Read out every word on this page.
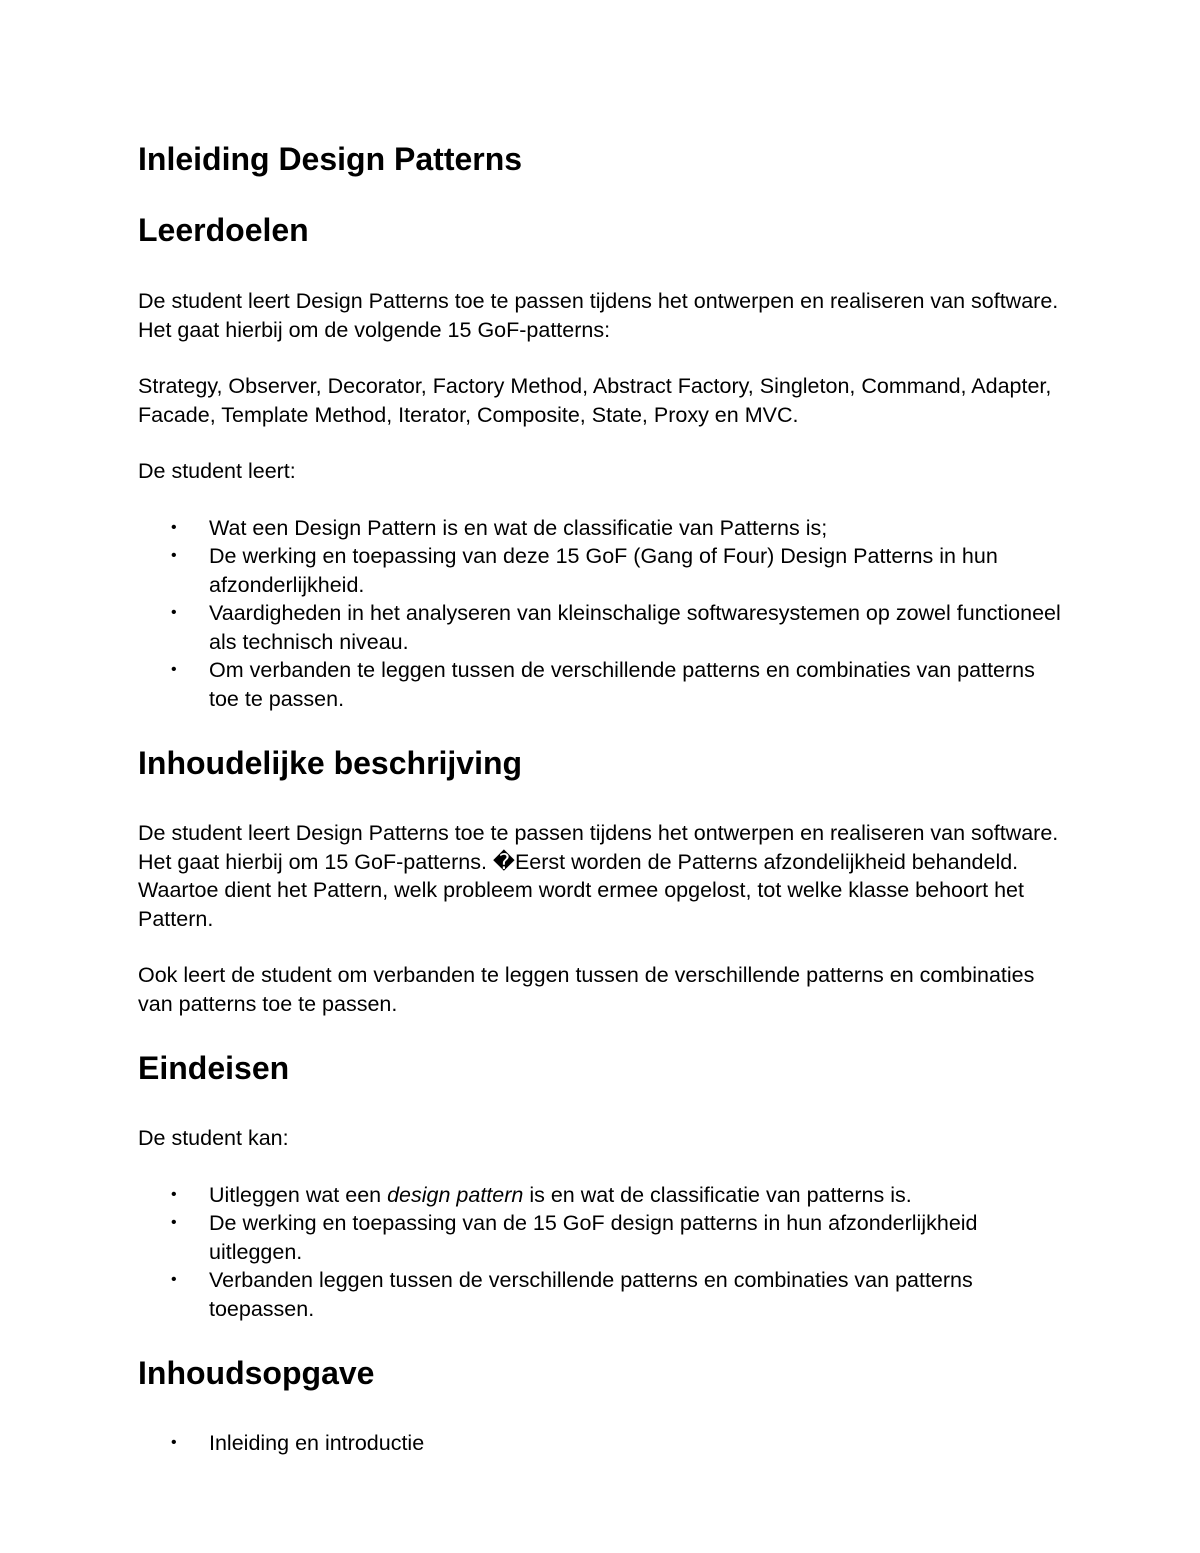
Inleiding Design Patterns
Leerdoelen

De student leert Design Patterns toe te passen tijdens het ontwerpen en realiseren van software. Het gaat hierbij om de volgende 15 GoF-patterns:

Strategy, Observer, Decorator, Factory Method, Abstract Factory, Singleton, Command, Adapter, Facade, Template Method, Iterator, Composite, State, Proxy en MVC.

De student leert:

• Wat een Design Pattern is en wat de classificatie van Patterns is;
• De werking en toepassing van deze 15 GoF (Gang of Four) Design Patterns in hun afzonderlijkheid.
• Vaardigheden in het analyseren van kleinschalige softwaresystemen op zowel functioneel als technisch niveau.
• Om verbanden te leggen tussen de verschillende patterns en combinaties van patterns toe te passen.
Inhoudelijke beschrijving

De student leert Design Patterns toe te passen tijdens het ontwerpen en realiseren van software. Het gaat hierbij om 15 GoF-patterns. �Eerst worden de Patterns afzondelijkheid behandeld. Waartoe dient het Pattern, welk probleem wordt ermee opgelost, tot welke klasse behoort het Pattern.

Ook leert de student om verbanden te leggen tussen de verschillende patterns en combinaties van patterns toe te passen.

Eindeisen

De student kan:

• Uitleggen wat een design pattern is en wat de classificatie van patterns is.
• De werking en toepassing van de 15 GoF design patterns in hun afzonderlijkheid uitleggen.
• Verbanden leggen tussen de verschillende patterns en combinaties van patterns toepassen.
Inhoudsopgave
• Inleiding en introductie
